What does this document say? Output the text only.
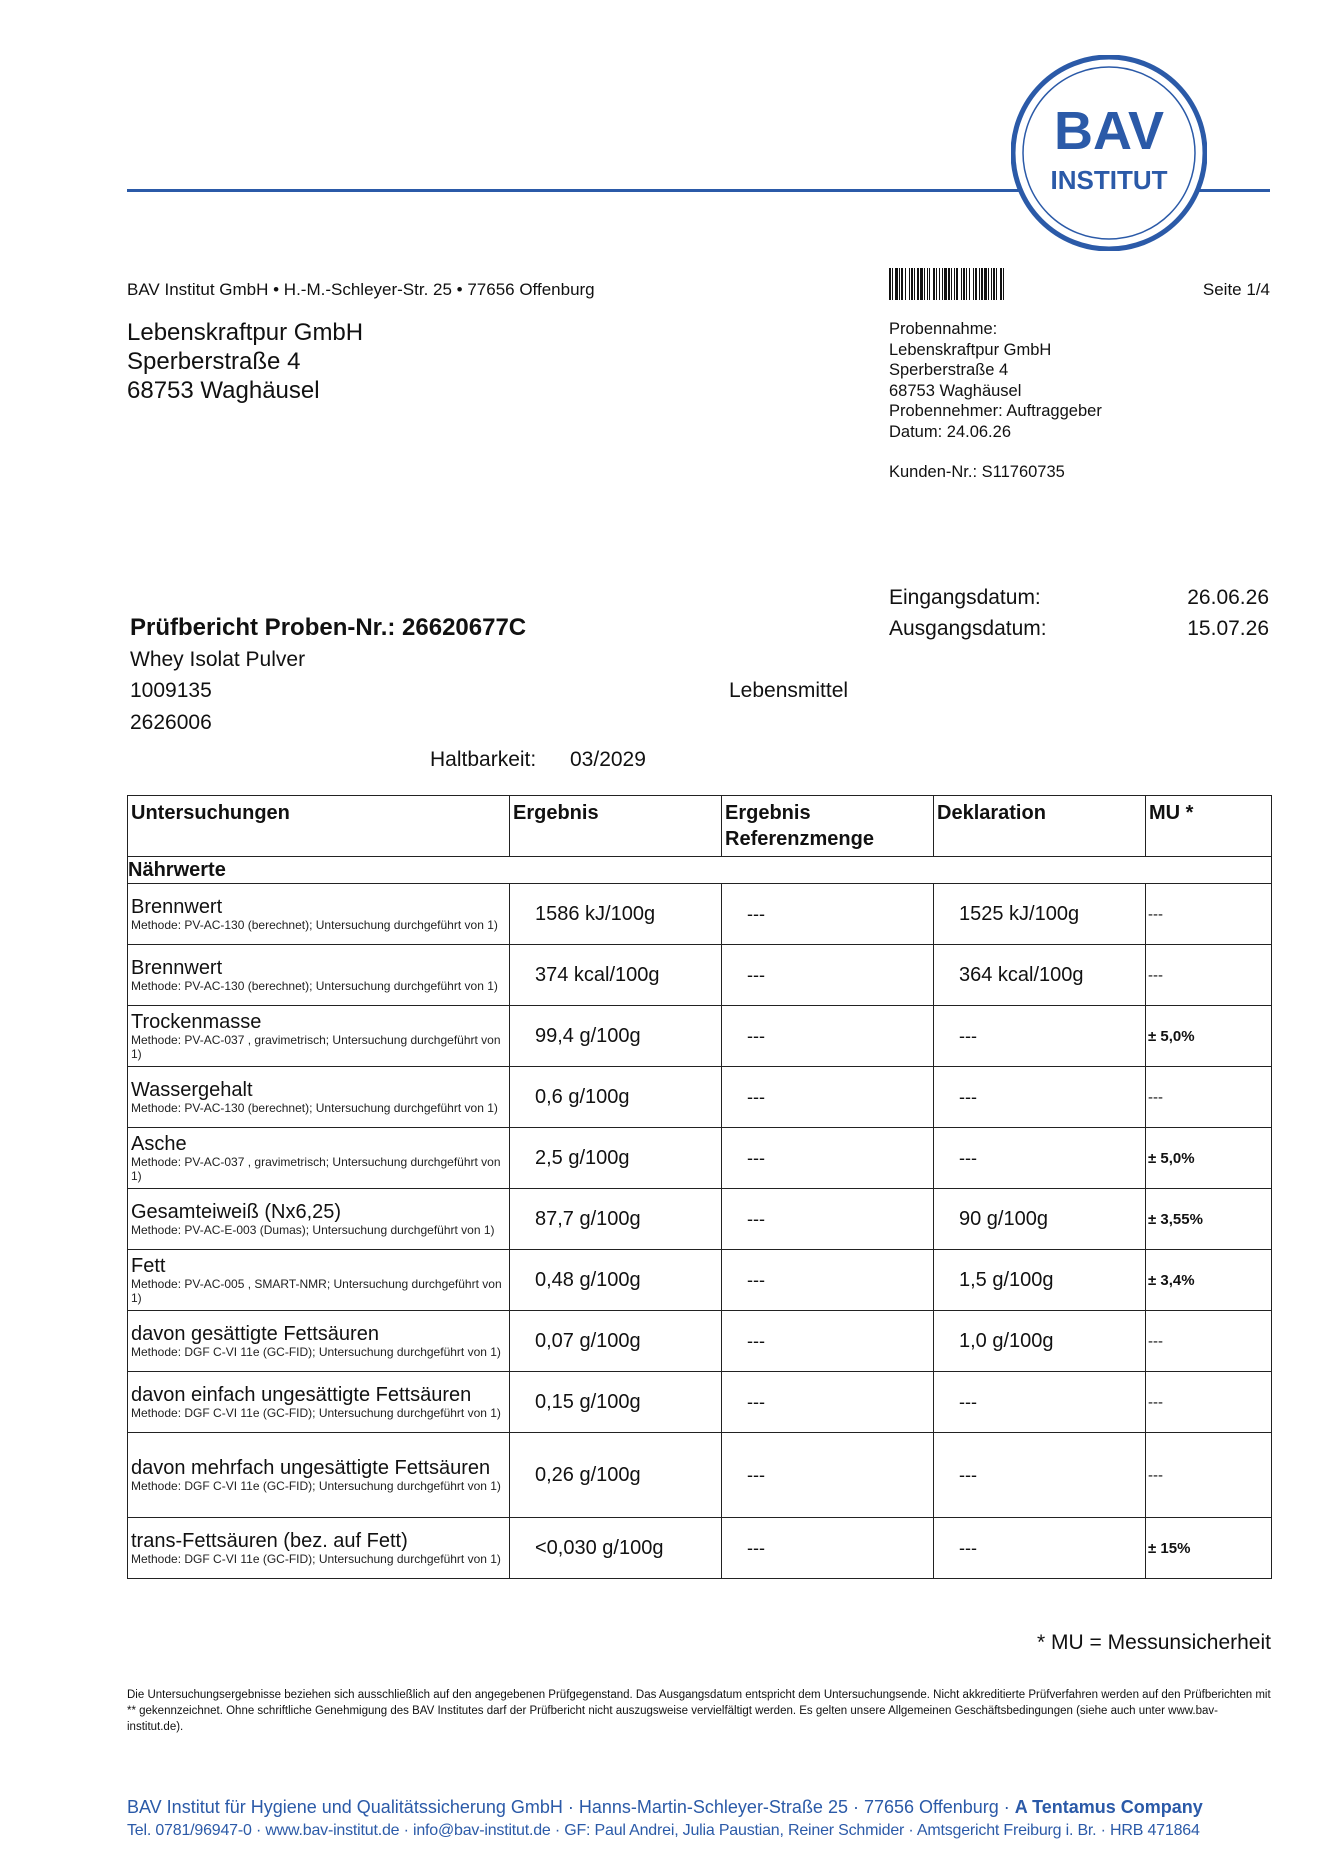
BAV
INSTITUT
BAV Institut GmbH • H.-M.-Schleyer-Str. 25 • 77656 Offenburg	Seite 1/4
Lebenskraftpur GmbH
Sperberstraße 4
68753 Waghäusel
Probennahme:
Lebenskraftpur GmbH
Sperberstraße 4
68753 Waghäusel
Probennehmer: Auftraggeber
Datum: 24.06.26
Kunden-Nr.: S11760735
Eingangsdatum:	26.06.26
Ausgangsdatum:	15.07.26
Prüfbericht Proben-Nr.: 26620677C
Whey Isolat Pulver
1009135	Lebensmittel
2626006
Haltbarkeit: 03/2029
Untersuchungen	Ergebnis	Ergebnis Referenzmenge	Deklaration	MU *
Nährwerte				

Brennwert
Methode: PV-AC-130 (berechnet); Untersuchung durchgeführt von 1)	1586 kJ/100g	---	1525 kJ/100g	---

Brennwert
Methode: PV-AC-130 (berechnet); Untersuchung durchgeführt von 1)	374 kcal/100g	---	364 kcal/100g	---

Trockenmasse
Methode: PV-AC-037 , gravimetrisch; Untersuchung durchgeführt von 1)	99,4 g/100g	---	---	± 5,0%

Wassergehalt
Methode: PV-AC-130 (berechnet); Untersuchung durchgeführt von 1)	0,6 g/100g	---	---	---

Asche
Methode: PV-AC-037 , gravimetrisch; Untersuchung durchgeführt von 1)	2,5 g/100g	---	---	± 5,0%

Gesamteiweiß (Nx6,25)
Methode: PV-AC-E-003 (Dumas); Untersuchung durchgeführt von 1)	87,7 g/100g	---	90 g/100g	± 3,55%

Fett
Methode: PV-AC-005 , SMART-NMR; Untersuchung durchgeführt von 1)	0,48 g/100g	---	1,5 g/100g	± 3,4%

davon gesättigte Fettsäuren
Methode: DGF C-VI 11e (GC-FID); Untersuchung durchgeführt von 1)	0,07 g/100g	---	1,0 g/100g	---

davon einfach ungesättigte Fettsäuren
Methode: DGF C-VI 11e (GC-FID); Untersuchung durchgeführt von 1)	0,15 g/100g	---	---	---

davon mehrfach ungesättigte Fettsäuren
Methode: DGF C-VI 11e (GC-FID); Untersuchung durchgeführt von 1)	0,26 g/100g	---	---	---

trans-Fettsäuren (bez. auf Fett)
Methode: DGF C-VI 11e (GC-FID); Untersuchung durchgeführt von 1)	<0,030 g/100g	---	---	± 15%
* MU = Messunsicherheit
Die Untersuchungsergebnisse beziehen sich ausschließlich auf den angegebenen Prüfgegenstand. Das Ausgangsdatum entspricht dem Untersuchungsende. Nicht akkreditierte Prüfverfahren werden auf den Prüfberichten mit ** gekennzeichnet. Ohne schriftliche Genehmigung des BAV Institutes darf der Prüfbericht nicht auszugsweise vervielfältigt werden. Es gelten unsere Allgemeinen Geschäftsbedingungen (siehe auch unter www.bav-institut.de).
BAV Institut für Hygiene und Qualitätssicherung GmbH · Hanns-Martin-Schleyer-Straße 25 · 77656 Offenburg · A Tentamus Company
Tel. 0781/96947-0 · www.bav-institut.de · info@bav-institut.de · GF: Paul Andrei, Julia Paustian, Reiner Schmider · Amtsgericht Freiburg i. Br. · HRB 471864
